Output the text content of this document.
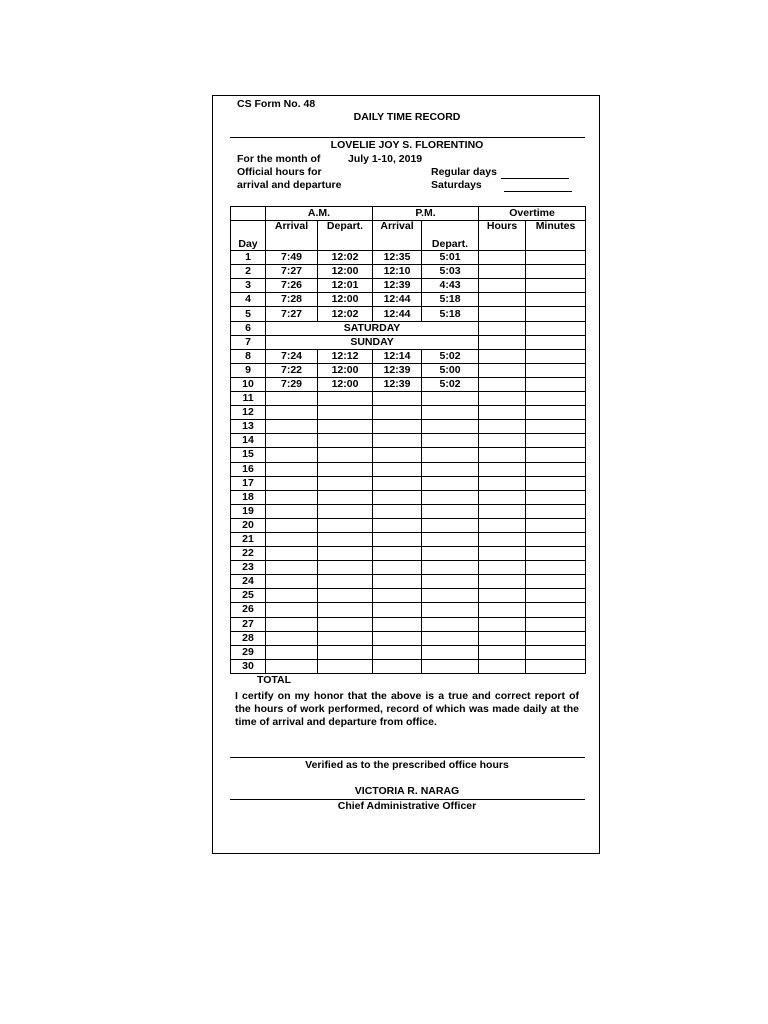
CS Form No. 48
DAILY TIME RECORD
LOVELIE JOY S. FLORENTINO
For the month of	July 1-10, 2019
Official hours for
arrival and departure
Regular days
Saturdays
	A.M.		P.M.		Overtime	
Day	Arrival	Depart.	Arrival	Depart.	Hours	Minutes
1	7:49	12:02	12:35	5:01		
2	7:27	12:00	12:10	5:03		
3	7:26	12:01	12:39	4:43		
4	7:28	12:00	12:44	5:18		
5	7:27	12:02	12:44	5:18		
6	SATURDAY					
7	SUNDAY					
8	7:24	12:12	12:14	5:02		
9	7:22	12:00	12:39	5:00		
10	7:29	12:00	12:39	5:02		
11						
12						
13						
14						
15						
16						
17						
18						
19						
20						
21						
22						
23						
24						
25						
26						
27						
28						
29						
30						
TOTAL						
I certify on my honor that the above is a true and correct report of the hours of work performed, record of which was made daily at the time of arrival and departure from office.
Verified as to the prescribed office hours
VICTORIA R. NARAG
Chief Administrative Officer
